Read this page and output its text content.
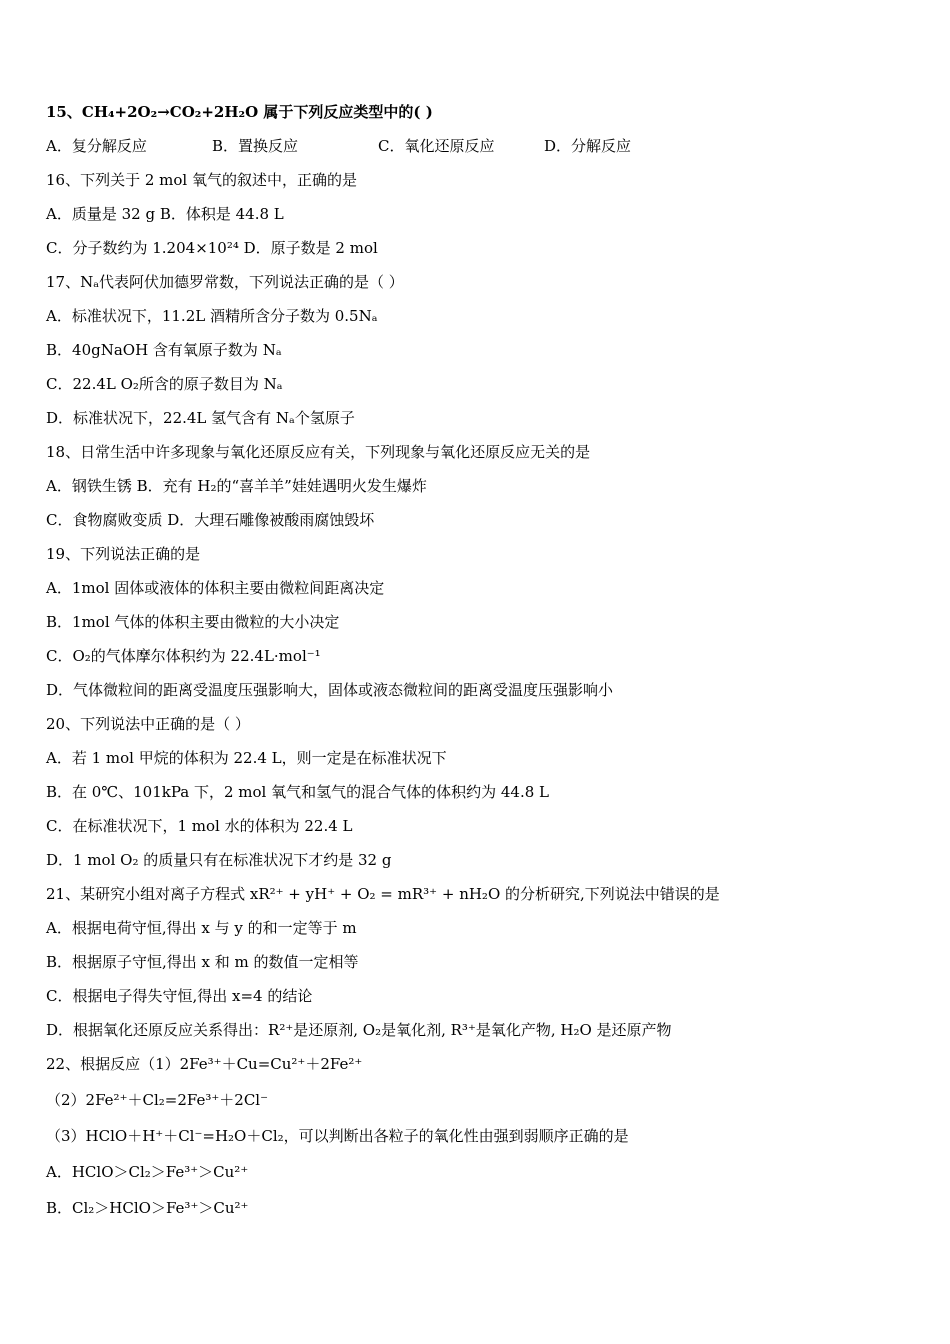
15、CH₄+2O₂→CO₂+2H₂O 属于下列反应类型中的( )
A．复分解反应	B．置换反应	C．氧化还原反应	D．分解反应
16、下列关于 2 mol 氧气的叙述中，正确的是
A．质量是 32 g B．体积是 44.8 L
C．分子数约为 1.204×10²⁴ D．原子数是 2 mol
17、Nₐ代表阿伏加德罗常数，下列说法正确的是（ ）
A．标准状况下，11.2L 酒精所含分子数为 0.5Nₐ
B．40gNaOH 含有氧原子数为 Nₐ
C．22.4L O₂所含的原子数目为 Nₐ
D．标准状况下，22.4L 氢气含有 Nₐ个氢原子
18、日常生活中许多现象与氧化还原反应有关，下列现象与氧化还原反应无关的是
A．钢铁生锈 B．充有 H₂的“喜羊羊”娃娃遇明火发生爆炸
C．食物腐败变质 D．大理石雕像被酸雨腐蚀毁坏
19、下列说法正确的是
A．1mol 固体或液体的体积主要由微粒间距离决定
B．1mol 气体的体积主要由微粒的大小决定
C．O₂的气体摩尔体积约为 22.4L·mol⁻¹
D．气体微粒间的距离受温度压强影响大，固体或液态微粒间的距离受温度压强影响小
20、下列说法中正确的是（ ）
A．若 1 mol 甲烷的体积为 22.4 L，则一定是在标准状况下
B．在 0℃、101kPa 下，2 mol 氧气和氢气的混合气体的体积约为 44.8 L
C．在标准状况下，1 mol 水的体积为 22.4 L
D．1 mol O₂ 的质量只有在标准状况下才约是 32 g
21、某研究小组对离子方程式 xR²⁺ + yH⁺ + O₂ = mR³⁺ + nH₂O 的分析研究,下列说法中错误的是
A．根据电荷守恒,得出 x 与 y 的和一定等于 m
B．根据原子守恒,得出 x 和 m 的数值一定相等
C．根据电子得失守恒,得出 x=4 的结论
D．根据氧化还原反应关系得出：R²⁺是还原剂, O₂是氧化剂, R³⁺是氧化产物, H₂O 是还原产物
22、根据反应（1）2Fe³⁺＋Cu=Cu²⁺＋2Fe²⁺
（2）2Fe²⁺＋Cl₂=2Fe³⁺＋2Cl⁻
（3）HClO＋H⁺＋Cl⁻=H₂O＋Cl₂，可以判断出各粒子的氧化性由强到弱顺序正确的是
A．HClO＞Cl₂＞Fe³⁺＞Cu²⁺
B．Cl₂＞HClO＞Fe³⁺＞Cu²⁺
